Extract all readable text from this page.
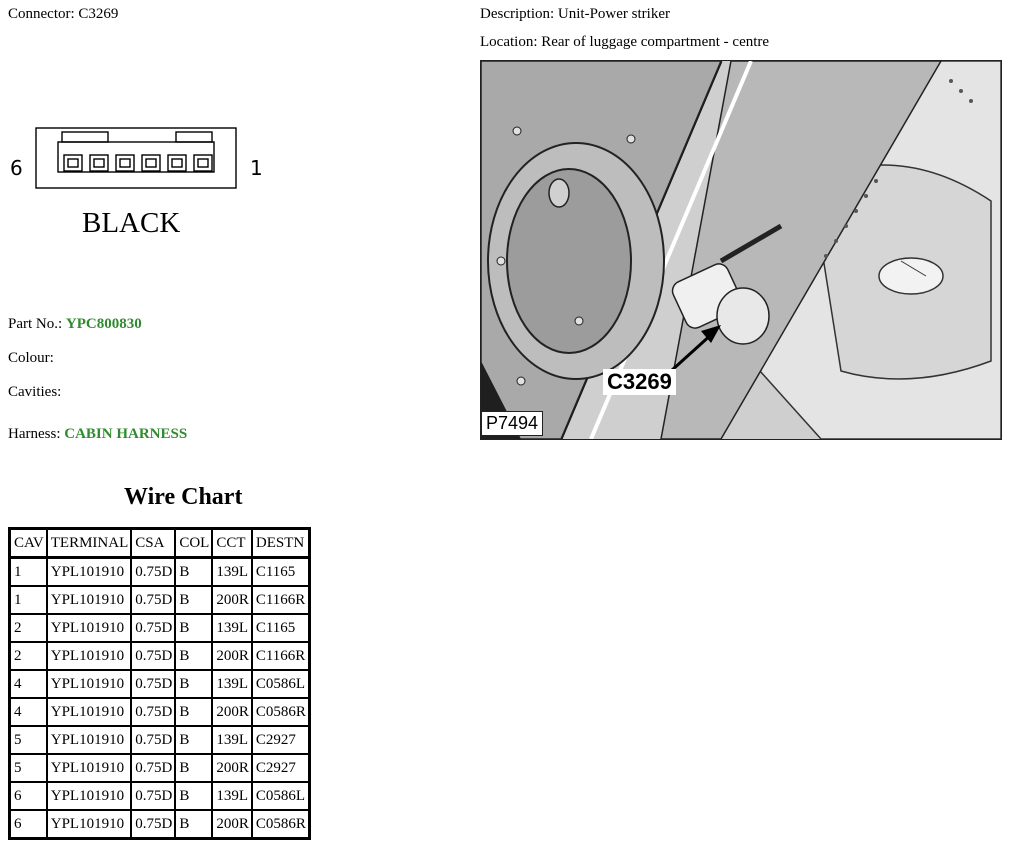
Connector: C3269	Description: Unit-Power striker
Location: Rear of luggage compartment - centre
6	1
BLACK
Part No.: YPC800830
Colour:
Cavities:
Harness: CABIN HARNESS
Wire Chart
CAV	TERMINAL	CSA	COL	CCT	DESTN
1	YPL101910	0.75D	B	139L	C1165
1	YPL101910	0.75D	B	200R	C1166R
2	YPL101910	0.75D	B	139L	C1165
2	YPL101910	0.75D	B	200R	C1166R
4	YPL101910	0.75D	B	139L	C0586L
4	YPL101910	0.75D	B	200R	C0586R
5	YPL101910	0.75D	B	139L	C2927
5	YPL101910	0.75D	B	200R	C2927
6	YPL101910	0.75D	B	139L	C0586L
6	YPL101910	0.75D	B	200R	C0586R
C3269
P7494
